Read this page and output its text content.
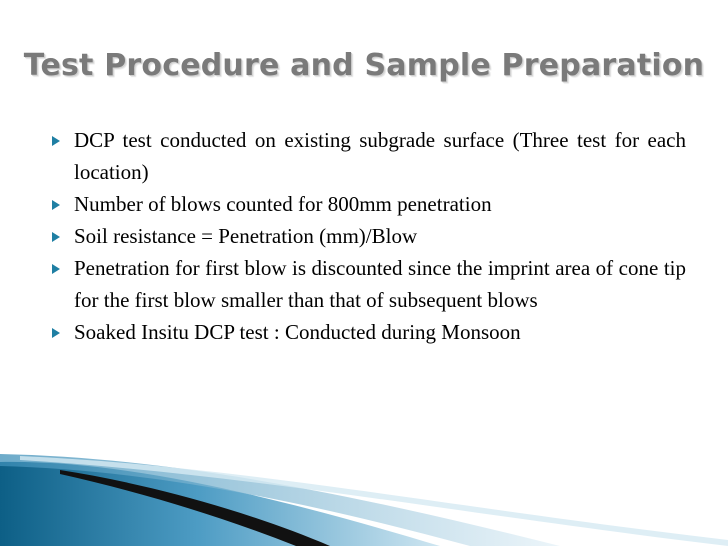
Test Procedure and Sample Preparation
DCP test conducted on existing subgrade surface (Three test for each location)
Number of blows counted for 800mm penetration
Soil resistance = Penetration (mm)/Blow
Penetration for first blow is discounted since the imprint area of cone tip for the first blow smaller than that of subsequent blows
Soaked Insitu DCP test : Conducted during Monsoon
